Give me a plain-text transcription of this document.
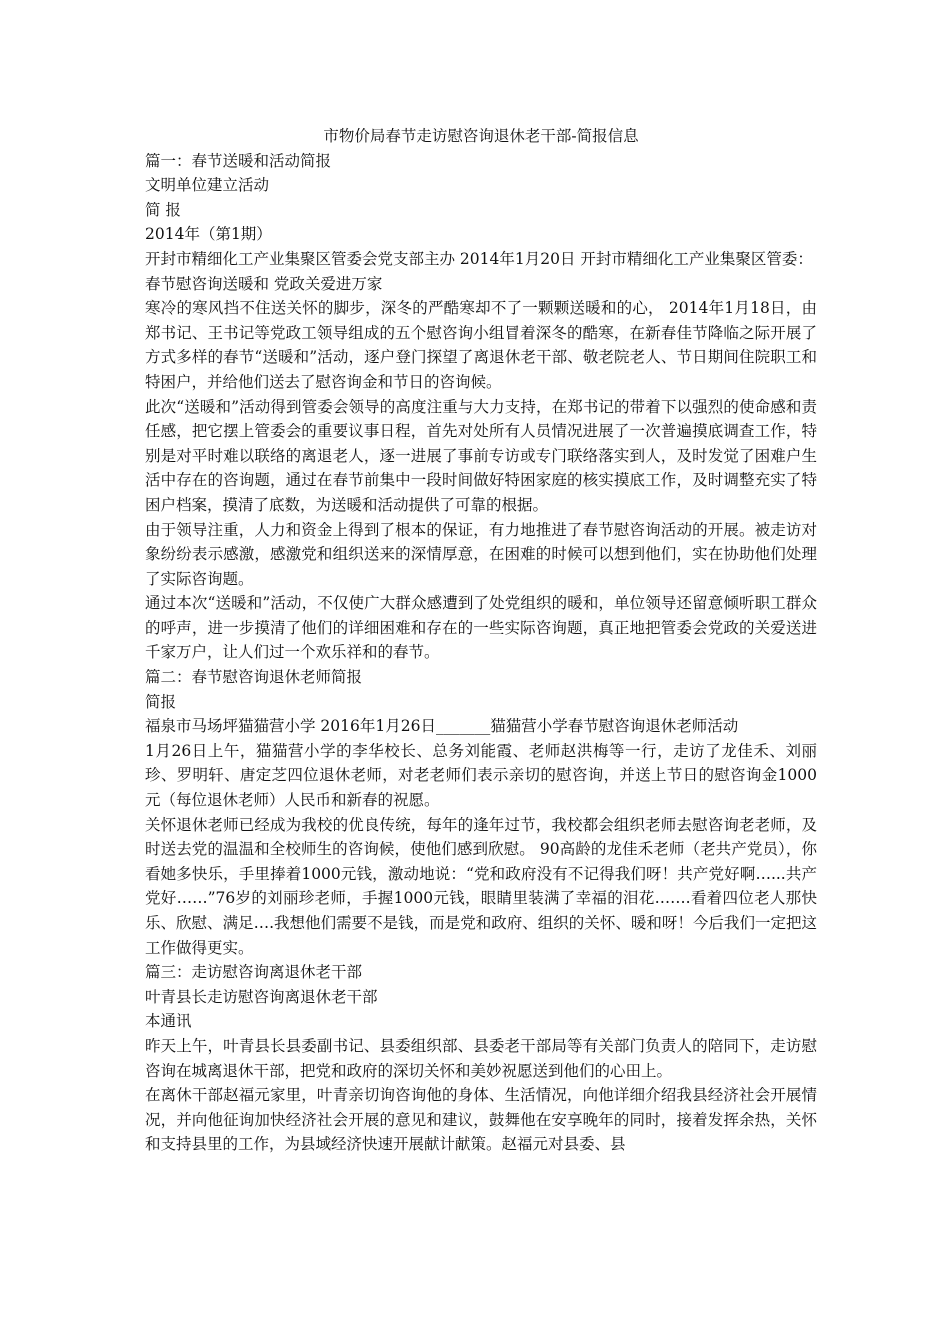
市物价局春节走访慰咨询退休老干部-简报信息

篇一：春节送暖和活动简报

文明单位建立活动

简 报

2014年（第1期）

开封市精细化工产业集聚区管委会党支部主办 2014年1月20日 开封市精细化工产业集聚区管委：

春节慰咨询送暖和 党政关爱进万家

寒冷的寒风挡不住送关怀的脚步，深冬的严酷寒却不了一颗颗送暖和的心， 2014年1月18日，由郑书记、王书记等党政工领导组成的五个慰咨询小组冒着深冬的酷寒，在新春佳节降临之际开展了方式多样的春节“送暖和”活动，逐户登门探望了离退休老干部、敬老院老人、节日期间住院职工和特困户，并给他们送去了慰咨询金和节日的咨询候。

此次“送暖和”活动得到管委会领导的高度注重与大力支持，在郑书记的带着下以强烈的使命感和责任感，把它摆上管委会的重要议事日程，首先对处所有人员情况进展了一次普遍摸底调查工作，特别是对平时难以联络的离退老人，逐一进展了事前专访或专门联络落实到人，及时发觉了困难户生活中存在的咨询题，通过在春节前集中一段时间做好特困家庭的核实摸底工作，及时调整充实了特困户档案，摸清了底数，为送暖和活动提供了可靠的根据。

由于领导注重，人力和资金上得到了根本的保证，有力地推进了春节慰咨询活动的开展。被走访对象纷纷表示感激，感激党和组织送来的深情厚意，在困难的时候可以想到他们，实在协助他们处理了实际咨询题。

通过本次“送暖和”活动，不仅使广大群众感遭到了处党组织的暖和，单位领导还留意倾听职工群众的呼声，进一步摸清了他们的详细困难和存在的一些实际咨询题，真正地把管委会党政的关爱送进千家万户，让人们过一个欢乐祥和的春节。

篇二：春节慰咨询退休老师简报

简报

福泉市马场坪猫猫营小学 2016年1月26日_______猫猫营小学春节慰咨询退休老师活动

1月26日上午，猫猫营小学的李华校长、总务刘能霞、老师赵洪梅等一行，走访了龙佳禾、刘丽珍、罗明轩、唐定芝四位退休老师，对老老师们表示亲切的慰咨询，并送上节日的慰咨询金1000元（每位退休老师）人民币和新春的祝愿。

关怀退休老师已经成为我校的优良传统，每年的逢年过节，我校都会组织老师去慰咨询老老师，及时送去党的温温和全校师生的咨询候，使他们感到欣慰。 90高龄的龙佳禾老师（老共产党员），你看她多快乐，手里捧着1000元钱，激动地说：“党和政府没有不记得我们呀！共产党好啊…...共产党好……”76岁的刘丽珍老师，手握1000元钱，眼睛里装满了幸福的泪花…….看着四位老人那快乐、欣慰、满足….我想他们需要不是钱，而是党和政府、组织的关怀、暖和呀！今后我们一定把这工作做得更实。

篇三：走访慰咨询离退休老干部

叶青县长走访慰咨询离退休老干部

本通讯

昨天上午，叶青县长县委副书记、县委组织部、县委老干部局等有关部门负责人的陪同下，走访慰咨询在城离退休干部，把党和政府的深切关怀和美妙祝愿送到他们的心田上。

在离休干部赵福元家里，叶青亲切询咨询他的身体、生活情况，向他详细介绍我县经济社会开展情况，并向他征询加快经济社会开展的意见和建议，鼓舞他在安享晚年的同时，接着发挥余热，关怀和支持县里的工作，为县域经济快速开展献计献策。赵福元对县委、县
